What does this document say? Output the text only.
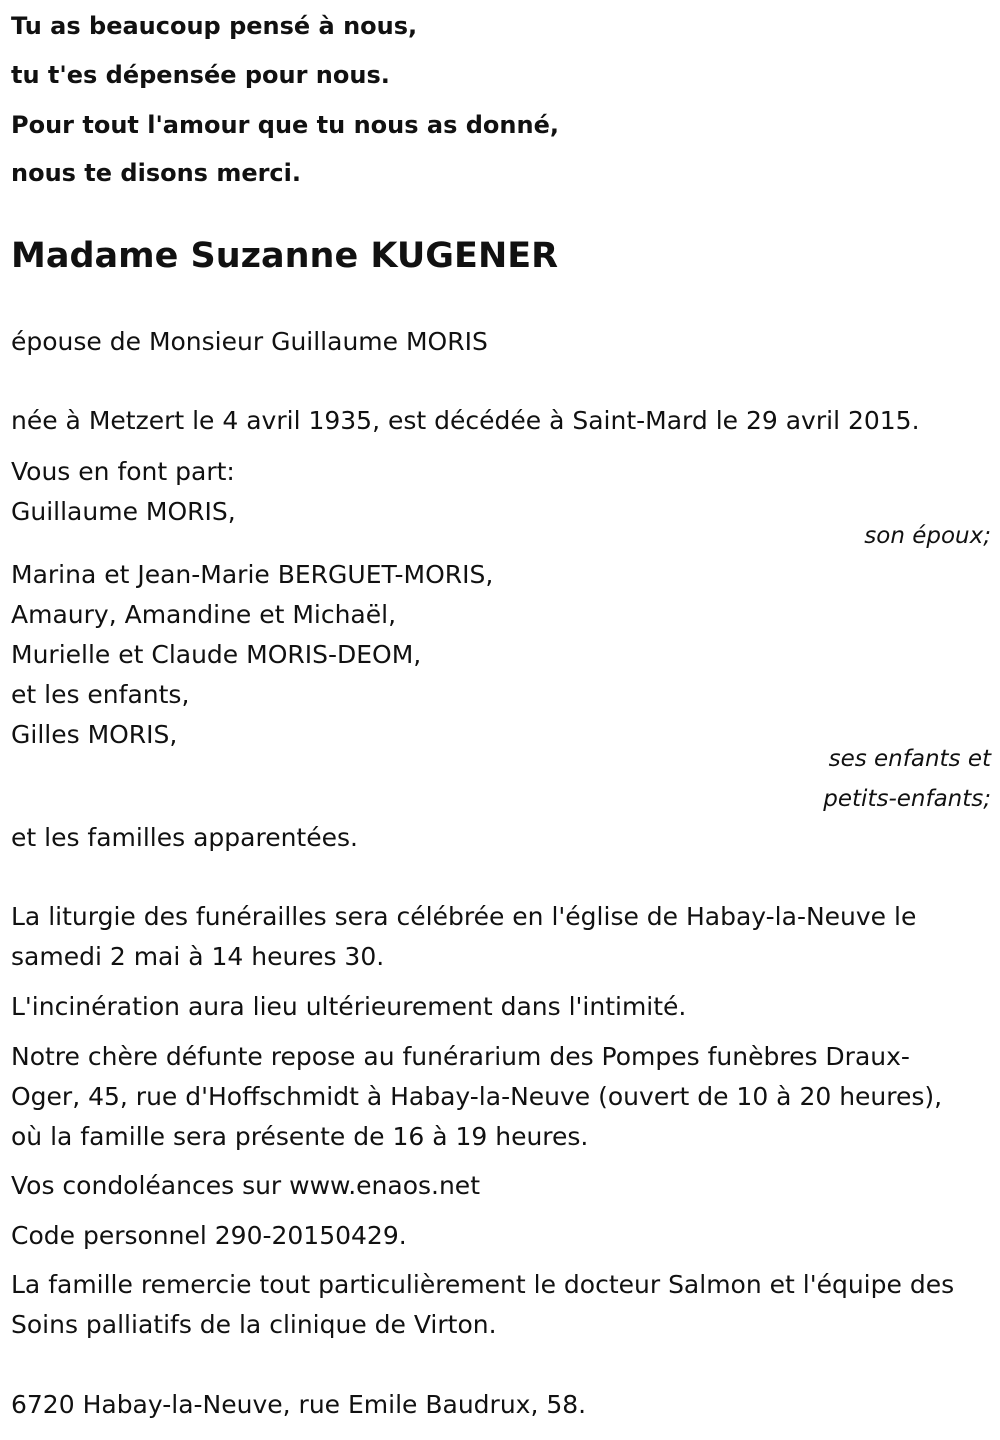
Tu as beaucoup pensé à nous,
tu t'es dépensée pour nous.
Pour tout l'amour que tu nous as donné,
nous te disons merci.
Madame Suzanne KUGENER
épouse de Monsieur Guillaume MORIS
née à Metzert le 4 avril 1935, est décédée à Saint-Mard le 29 avril 2015.
Vous en font part:
Guillaume MORIS,
son époux;
Marina et Jean-Marie BERGUET-MORIS,
Amaury, Amandine et Michaël,
Murielle et Claude MORIS-DEOM,
et les enfants,
Gilles MORIS,
ses enfants et
petits-enfants;
et les familles apparentées.
La liturgie des funérailles sera célébrée en l'église de Habay-la-Neuve le samedi 2 mai à 14 heures 30.
L'incinération aura lieu ultérieurement dans l'intimité.
Notre chère défunte repose au funérarium des Pompes funèbres Draux-Oger, 45, rue d'Hoffschmidt à Habay-la-Neuve (ouvert de 10 à 20 heures), où la famille sera présente de 16 à 19 heures.
Vos condoléances sur www.enaos.net
Code personnel 290-20150429.
La famille remercie tout particulièrement le docteur Salmon et l'équipe des Soins palliatifs de la clinique de Virton.
6720 Habay-la-Neuve, rue Emile Baudrux, 58.
